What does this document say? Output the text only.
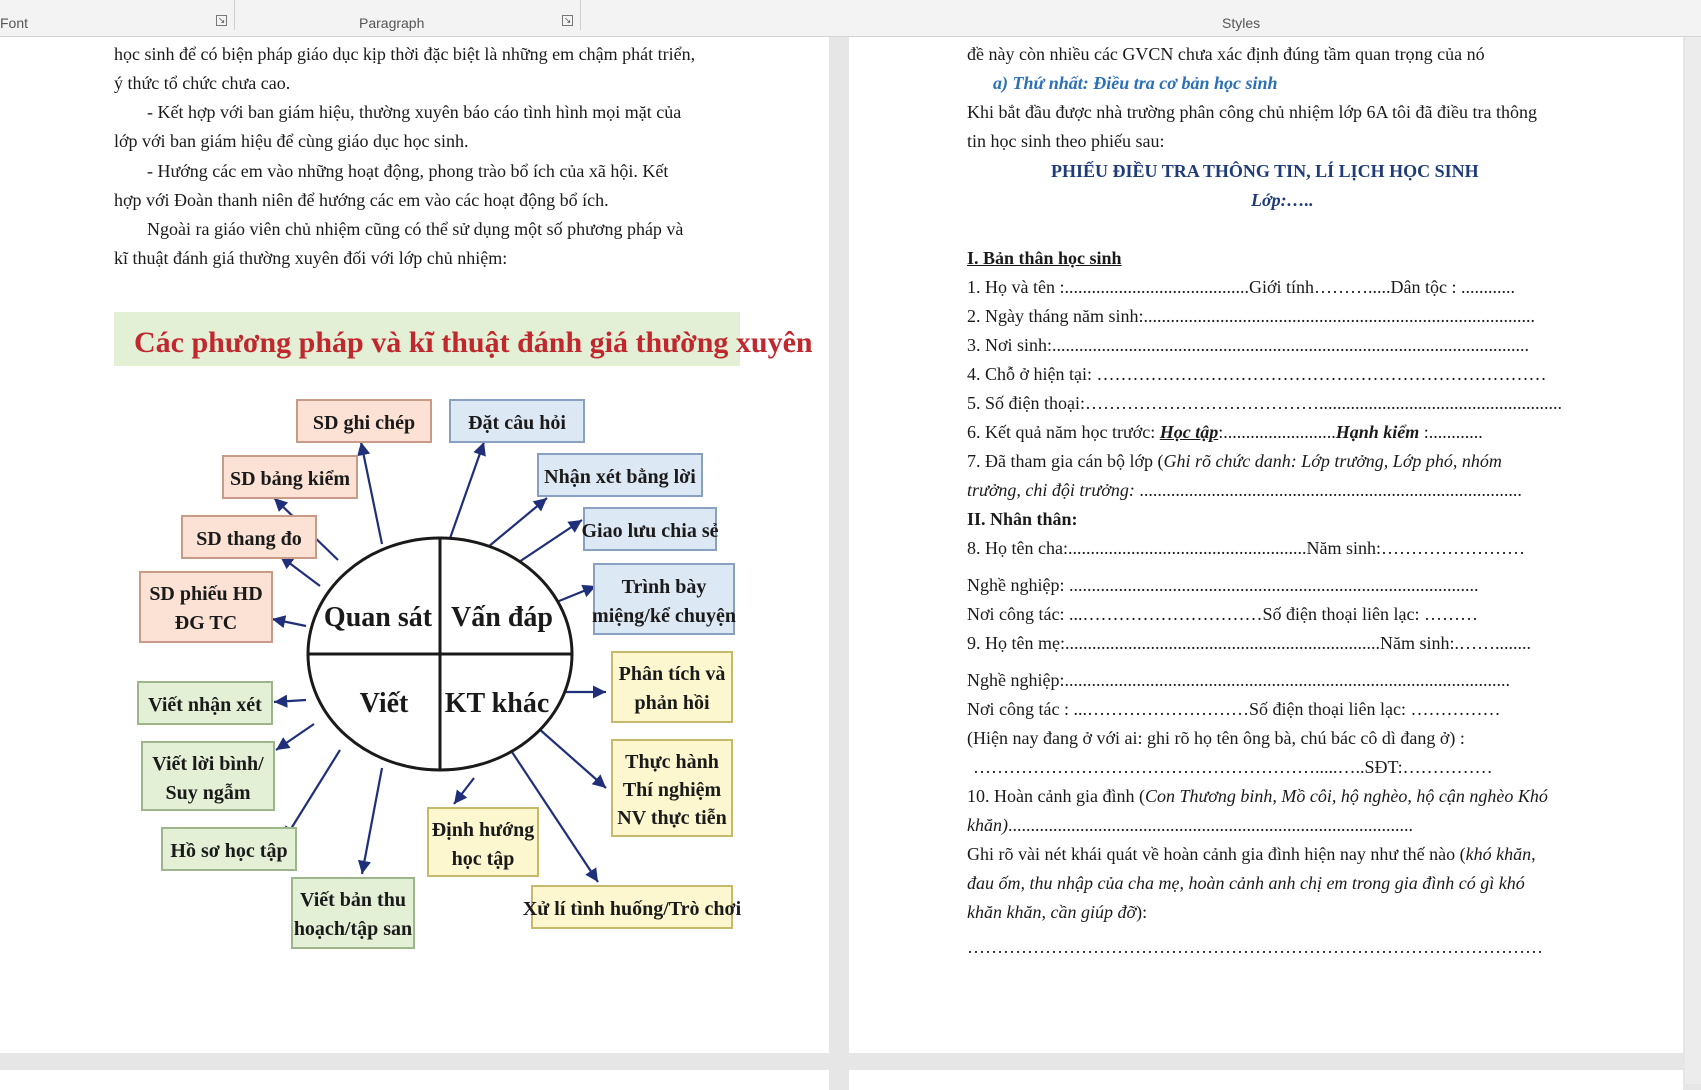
Font	↘	Paragraph	↘	Styles
học sinh để có biện pháp giáo dục kịp thời đặc biệt là những em chậm phát triển,
ý thức tổ chức chưa cao.
- Kết hợp với ban giám hiệu, thường xuyên báo cáo tình hình mọi mặt của
lớp với ban giám hiệu để cùng giáo dục học sinh.
- Hướng các em vào những hoạt động, phong trào bổ ích của xã hội. Kết
hợp với Đoàn thanh niên để hướng các em vào các hoạt động bổ ích.
Ngoài ra giáo viên chủ nhiệm cũng có thể sử dụng một số phương pháp và
kĩ thuật đánh giá thường xuyên đối với lớp chủ nhiệm:
Các phương pháp và kĩ thuật đánh giá thường xuyên
Quan sát Vấn đáp
Viết KT khác
SD ghi chép	Đặt câu hỏi
SD bảng kiểm	Nhận xét bằng lời
SD thang đo	Giao lưu chia sẻ
SD phiếu HD
ĐG TC
Trình bày
miệng/kể chuyện
Viết nhận xét
Phân tích và
phản hồi
Viết lời bình/
Suy ngẫm
Thực hành
Thí nghiệm
NV thực tiễn
Hồ sơ học tập
Định hướng
học tập
Viết bản thu
hoạch/tập san
Xử lí tình huống/Trò chơi
đề này còn nhiều các GVCN chưa xác định đúng tầm quan trọng của nó
a) Thứ nhất: Điều tra cơ bản học sinh
Khi bắt đầu được nhà trường phân công chủ nhiệm lớp 6A tôi đã điều tra thông
tin học sinh theo phiếu sau:
PHIẾU ĐIỀU TRA THÔNG TIN, LÍ LỊCH HỌC SINH
Lớp:…..
I. Bản thân học sinh
1. Họ và tên :.........................................Giới tính……….....Dân tộc : ............
2. Ngày tháng năm sinh:.......................................................................................
3. Nơi sinh:..........................................................................................................
4. Chỗ ở hiện tại: …………………………………………………………………
5. Số điện thoại:…………………………………......................................................
6. Kết quả năm học trước: Học tập:.........................Hạnh kiểm :............
7. Đã tham gia cán bộ lớp (Ghi rõ chức danh: Lớp trưởng, Lớp phó, nhóm
trưởng, chi đội trưởng: .....................................................................................
II. Nhân thân:
8. Họ tên cha:.....................................................Năm sinh:……………………
Nghề nghiệp: ...........................................................................................
Nơi công tác: ...…………………………Số điện thoại liên lạc: ………
9. Họ tên mẹ:......................................................................Năm sinh:.……........
Nghề nghiệp:...................................................................................................
Nơi công tác : ...………………………Số điện thoại liên lạc: ……………
(Hiện nay đang ở với ai: ghi rõ họ tên ông bà, chú bác cô dì đang ở) :
………………………………………………….....…..SĐT:……………
10. Hoàn cảnh gia đình (Con Thương binh, Mồ côi, hộ nghèo, hộ cận nghèo Khó
khăn)..........................................................................................
Ghi rõ vài nét khái quát về hoàn cảnh gia đình hiện nay như thế nào (khó khăn,
đau ốm, thu nhập của cha mẹ, hoàn cảnh anh chị em trong gia đình có gì khó
khăn khăn, cần giúp đỡ):
……………………………………………………………………………………
